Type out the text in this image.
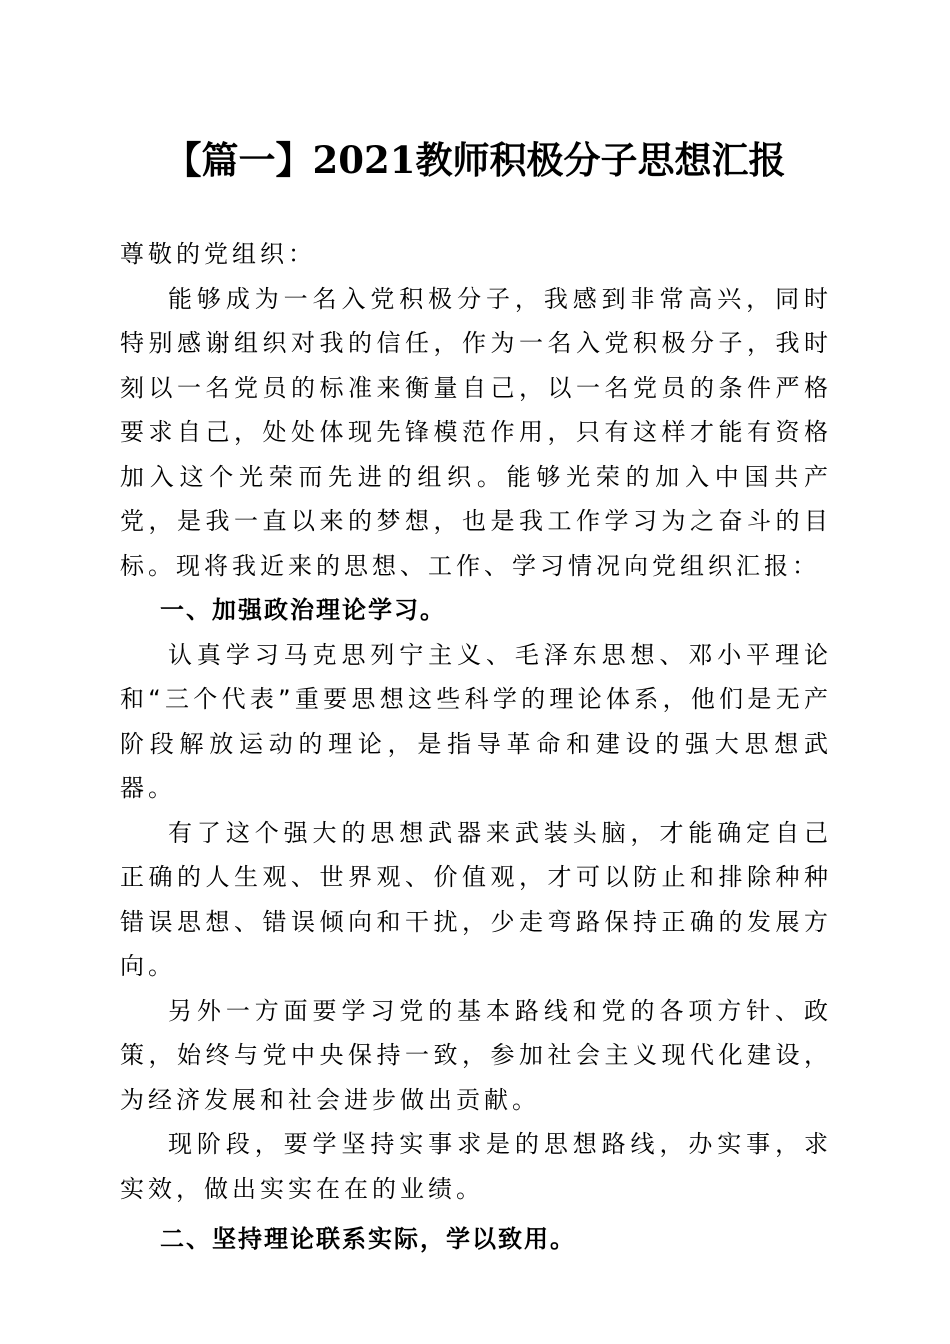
【篇一】2021教师积极分子思想汇报

尊敬的党组织：

能够成为一名入党积极分子，我感到非常高兴，同时特别感谢组织对我的信任，作为一名入党积极分子，我时刻以一名党员的标准来衡量自己，以一名党员的条件严格要求自己，处处体现先锋模范作用，只有这样才能有资格加入这个光荣而先进的组织。能够光荣的加入中国共产党，是我一直以来的梦想，也是我工作学习为之奋斗的目标。现将我近来的思想、工作、学习情况向党组织汇报：

一、加强政治理论学习。

认真学习马克思列宁主义、毛泽东思想、邓小平理论和“三个代表”重要思想这些科学的理论体系，他们是无产阶段解放运动的理论，是指导革命和建设的强大思想武器。

有了这个强大的思想武器来武装头脑，才能确定自己正确的人生观、世界观、价值观，才可以防止和排除种种错误思想、错误倾向和干扰，少走弯路保持正确的发展方向。

另外一方面要学习党的基本路线和党的各项方针、政策，始终与党中央保持一致，参加社会主义现代化建设，为经济发展和社会进步做出贡献。

现阶段，要学坚持实事求是的思想路线，办实事，求实效，做出实实在在的业绩。

二、坚持理论联系实际，学以致用。
